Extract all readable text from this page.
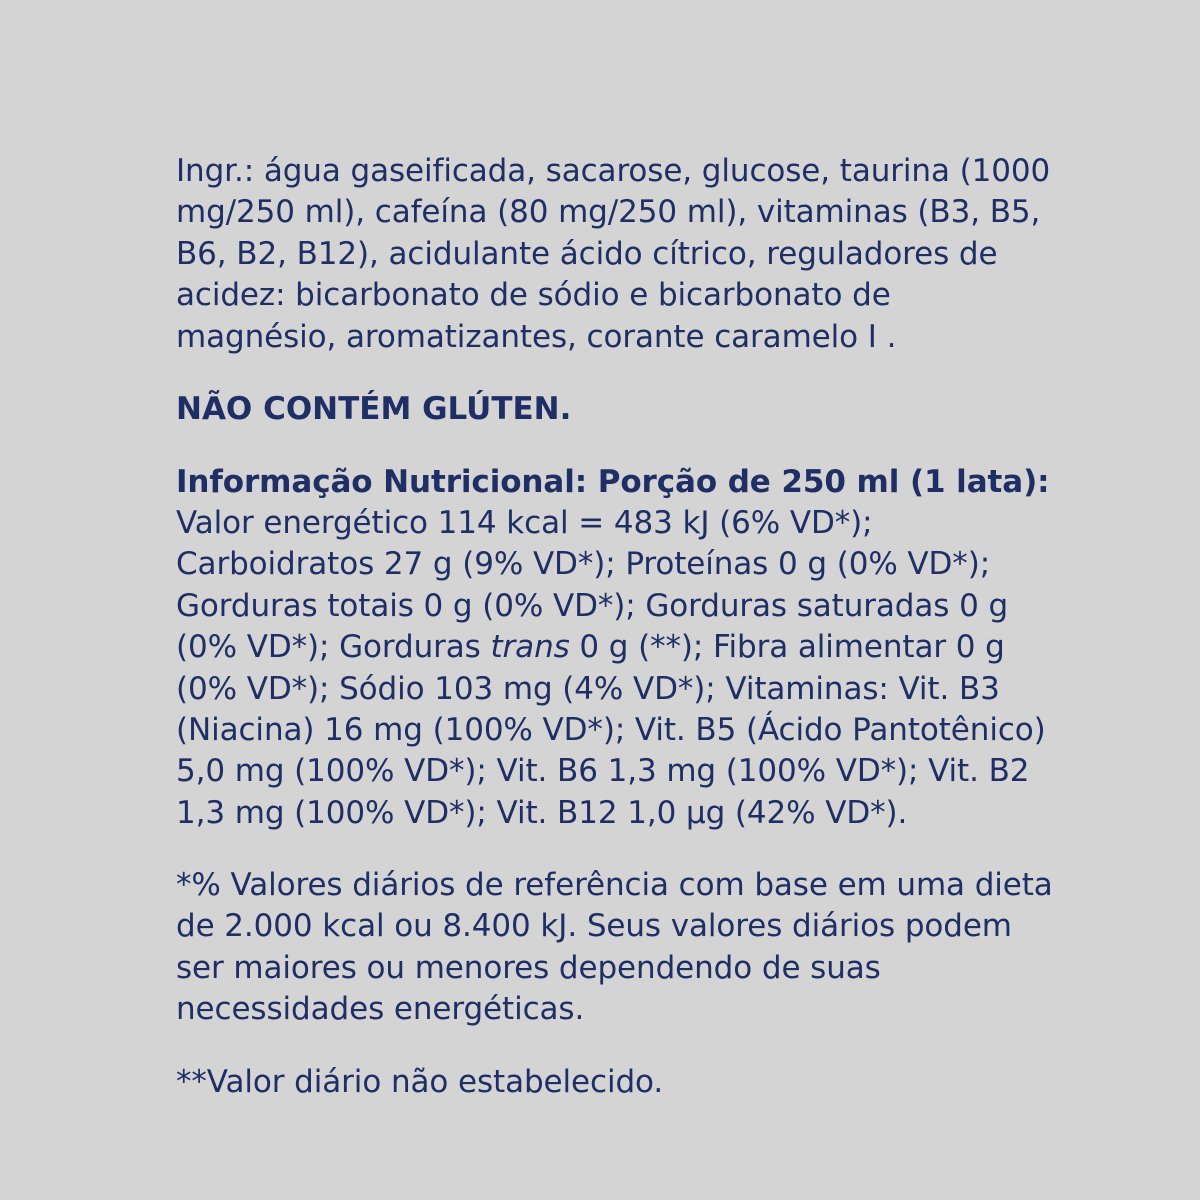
Ingr.: água gaseificada, sacarose, glucose, taurina (1000 mg/250 ml), cafeína (80 mg/250 ml), vitaminas (B3, B5, B6, B2, B12), acidulante ácido cítrico, reguladores de acidez: bicarbonato de sódio e bicarbonato de magnésio, aromatizantes, corante caramelo I .

NÃO CONTÉM GLÚTEN.

Informação Nutricional: Porção de 250 ml (1 lata): Valor energético 114 kcal = 483 kJ (6% VD*); Carboidratos 27 g (9% VD*); Proteínas 0 g (0% VD*); Gorduras totais 0 g (0% VD*); Gorduras saturadas 0 g (0% VD*); Gorduras trans 0 g (**); Fibra alimentar 0 g (0% VD*); Sódio 103 mg (4% VD*); Vitaminas: Vit. B3 (Niacina) 16 mg (100% VD*); Vit. B5 (Ácido Pantotênico) 5,0 mg (100% VD*); Vit. B6 1,3 mg (100% VD*); Vit. B2 1,3 mg (100% VD*); Vit. B12 1,0 µg (42% VD*).

*% Valores diários de referência com base em uma dieta de 2.000 kcal ou 8.400 kJ. Seus valores diários podem ser maiores ou menores dependendo de suas necessidades energéticas.

**Valor diário não estabelecido.
